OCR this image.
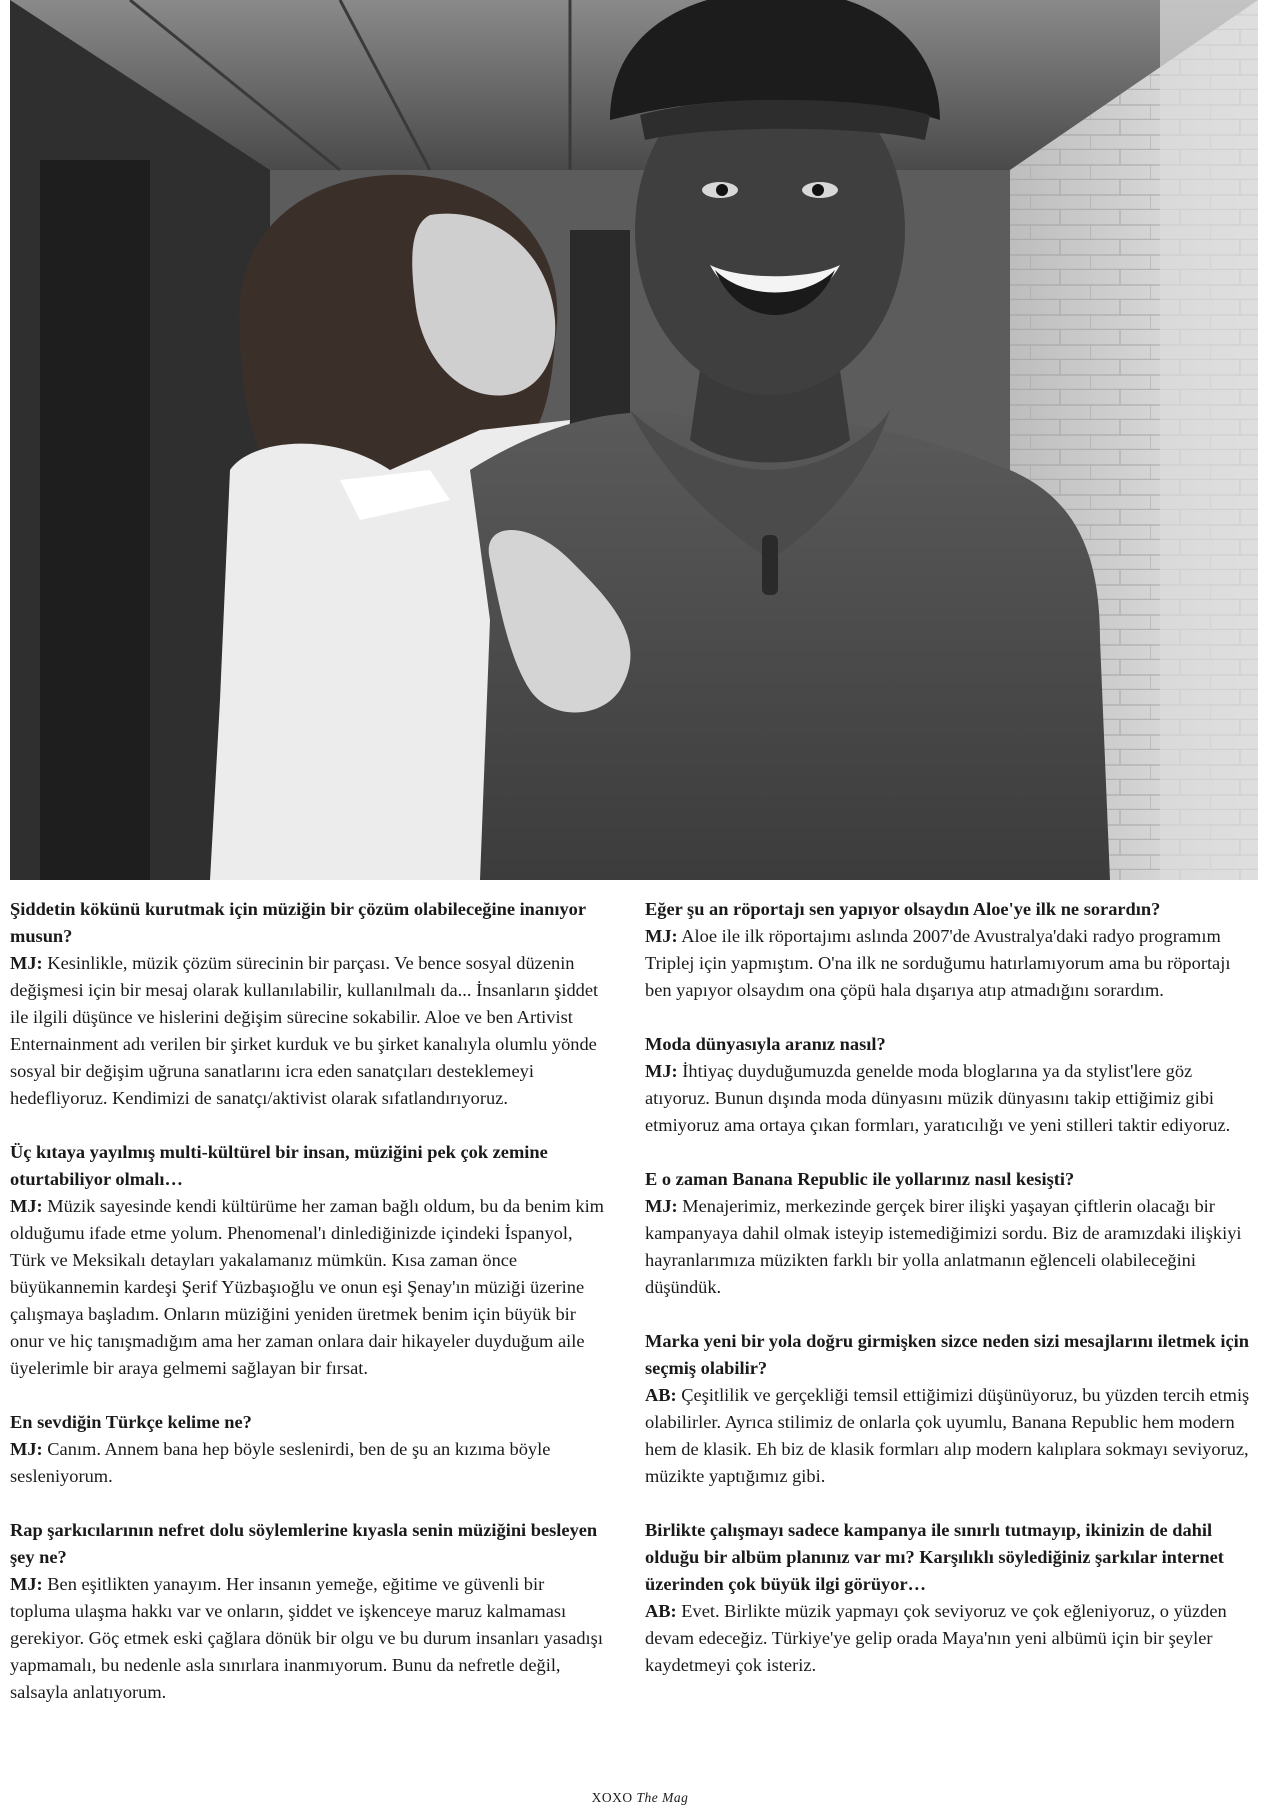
Şiddetin kökünü kurutmak için müziğin bir çözüm olabileceğine inanıyor musun?
MJ: Kesinlikle, müzik çözüm sürecinin bir parçası. Ve bence sosyal düzenin değişmesi için bir mesaj olarak kullanılabilir, kullanılmalı da... İnsanların şiddet ile ilgili düşünce ve hislerini değişim sürecine sokabilir. Aloe ve ben Artivist Enternainment adı verilen bir şirket kurduk ve bu şirket kanalıyla olumlu yönde sosyal bir değişim uğruna sanatlarını icra eden sanatçıları desteklemeyi hedefliyoruz. Kendimizi de sanatçı/aktivist olarak sıfatlandırıyoruz.
Üç kıtaya yayılmış multi-kültürel bir insan, müziğini pek çok zemine oturtabiliyor olmalı…
MJ: Müzik sayesinde kendi kültürüme her zaman bağlı oldum, bu da benim kim olduğumu ifade etme yolum. Phenomenal'ı dinlediğinizde içindeki İspanyol, Türk ve Meksikalı detayları yakalamanız mümkün. Kısa zaman önce büyükannemin kardeşi Şerif Yüzbaşıoğlu ve onun eşi Şenay'ın müziği üzerine çalışmaya başladım. Onların müziğini yeniden üretmek benim için büyük bir onur ve hiç tanışmadığım ama her zaman onlara dair hikayeler duyduğum aile üyelerimle bir araya gelmemi sağlayan bir fırsat.
En sevdiğin Türkçe kelime ne?
MJ: Canım. Annem bana hep böyle seslenirdi, ben de şu an kızıma böyle sesleniyorum.
Rap şarkıcılarının nefret dolu söylemlerine kıyasla senin müziğini besleyen şey ne?
MJ: Ben eşitlikten yanayım. Her insanın yemeğe, eğitime ve güvenli bir topluma ulaşma hakkı var ve onların, şiddet ve işkenceye maruz kalmaması gerekiyor. Göç etmek eski çağlara dönük bir olgu ve bu durum insanları yasadışı yapmamalı, bu nedenle asla sınırlara inanmıyorum. Bunu da nefretle değil, salsayla anlatıyorum.
Eğer şu an röportajı sen yapıyor olsaydın Aloe'ye ilk ne sorardın?
MJ: Aloe ile ilk röportajımı aslında 2007'de Avustralya'daki radyo programım Triplej için yapmıştım. O'na ilk ne sorduğumu hatırlamıyorum ama bu röportajı ben yapıyor olsaydım ona çöpü hala dışarıya atıp atmadığını sorardım.
Moda dünyasıyla aranız nasıl?
MJ: İhtiyaç duyduğumuzda genelde moda bloglarına ya da stylist'lere göz atıyoruz. Bunun dışında moda dünyasını müzik dünyasını takip ettiğimiz gibi etmiyoruz ama ortaya çıkan formları, yaratıcılığı ve yeni stilleri taktir ediyoruz.
E o zaman Banana Republic ile yollarınız nasıl kesişti?
MJ: Menajerimiz, merkezinde gerçek birer ilişki yaşayan çiftlerin olacağı bir kampanyaya dahil olmak isteyip istemediğimizi sordu. Biz de aramızdaki ilişkiyi hayranlarımıza müzikten farklı bir yolla anlatmanın eğlenceli olabileceğini düşündük.
Marka yeni bir yola doğru girmişken sizce neden sizi mesajlarını iletmek için seçmiş olabilir?
AB: Çeşitlilik ve gerçekliği temsil ettiğimizi düşünüyoruz, bu yüzden tercih etmiş olabilirler. Ayrıca stilimiz de onlarla çok uyumlu, Banana Republic hem modern hem de klasik. Eh biz de klasik formları alıp modern kalıplara sokmayı seviyoruz, müzikte yaptığımız gibi.
Birlikte çalışmayı sadece kampanya ile sınırlı tutmayıp, ikinizin de dahil olduğu bir albüm planınız var mı? Karşılıklı söylediğiniz şarkılar internet üzerinden çok büyük ilgi görüyor…
AB: Evet. Birlikte müzik yapmayı çok seviyoruz ve çok eğleniyoruz, o yüzden devam edeceğiz. Türkiye'ye gelip orada Maya'nın yeni albümü için bir şeyler kaydetmeyi çok isteriz.
XOXO The Mag
